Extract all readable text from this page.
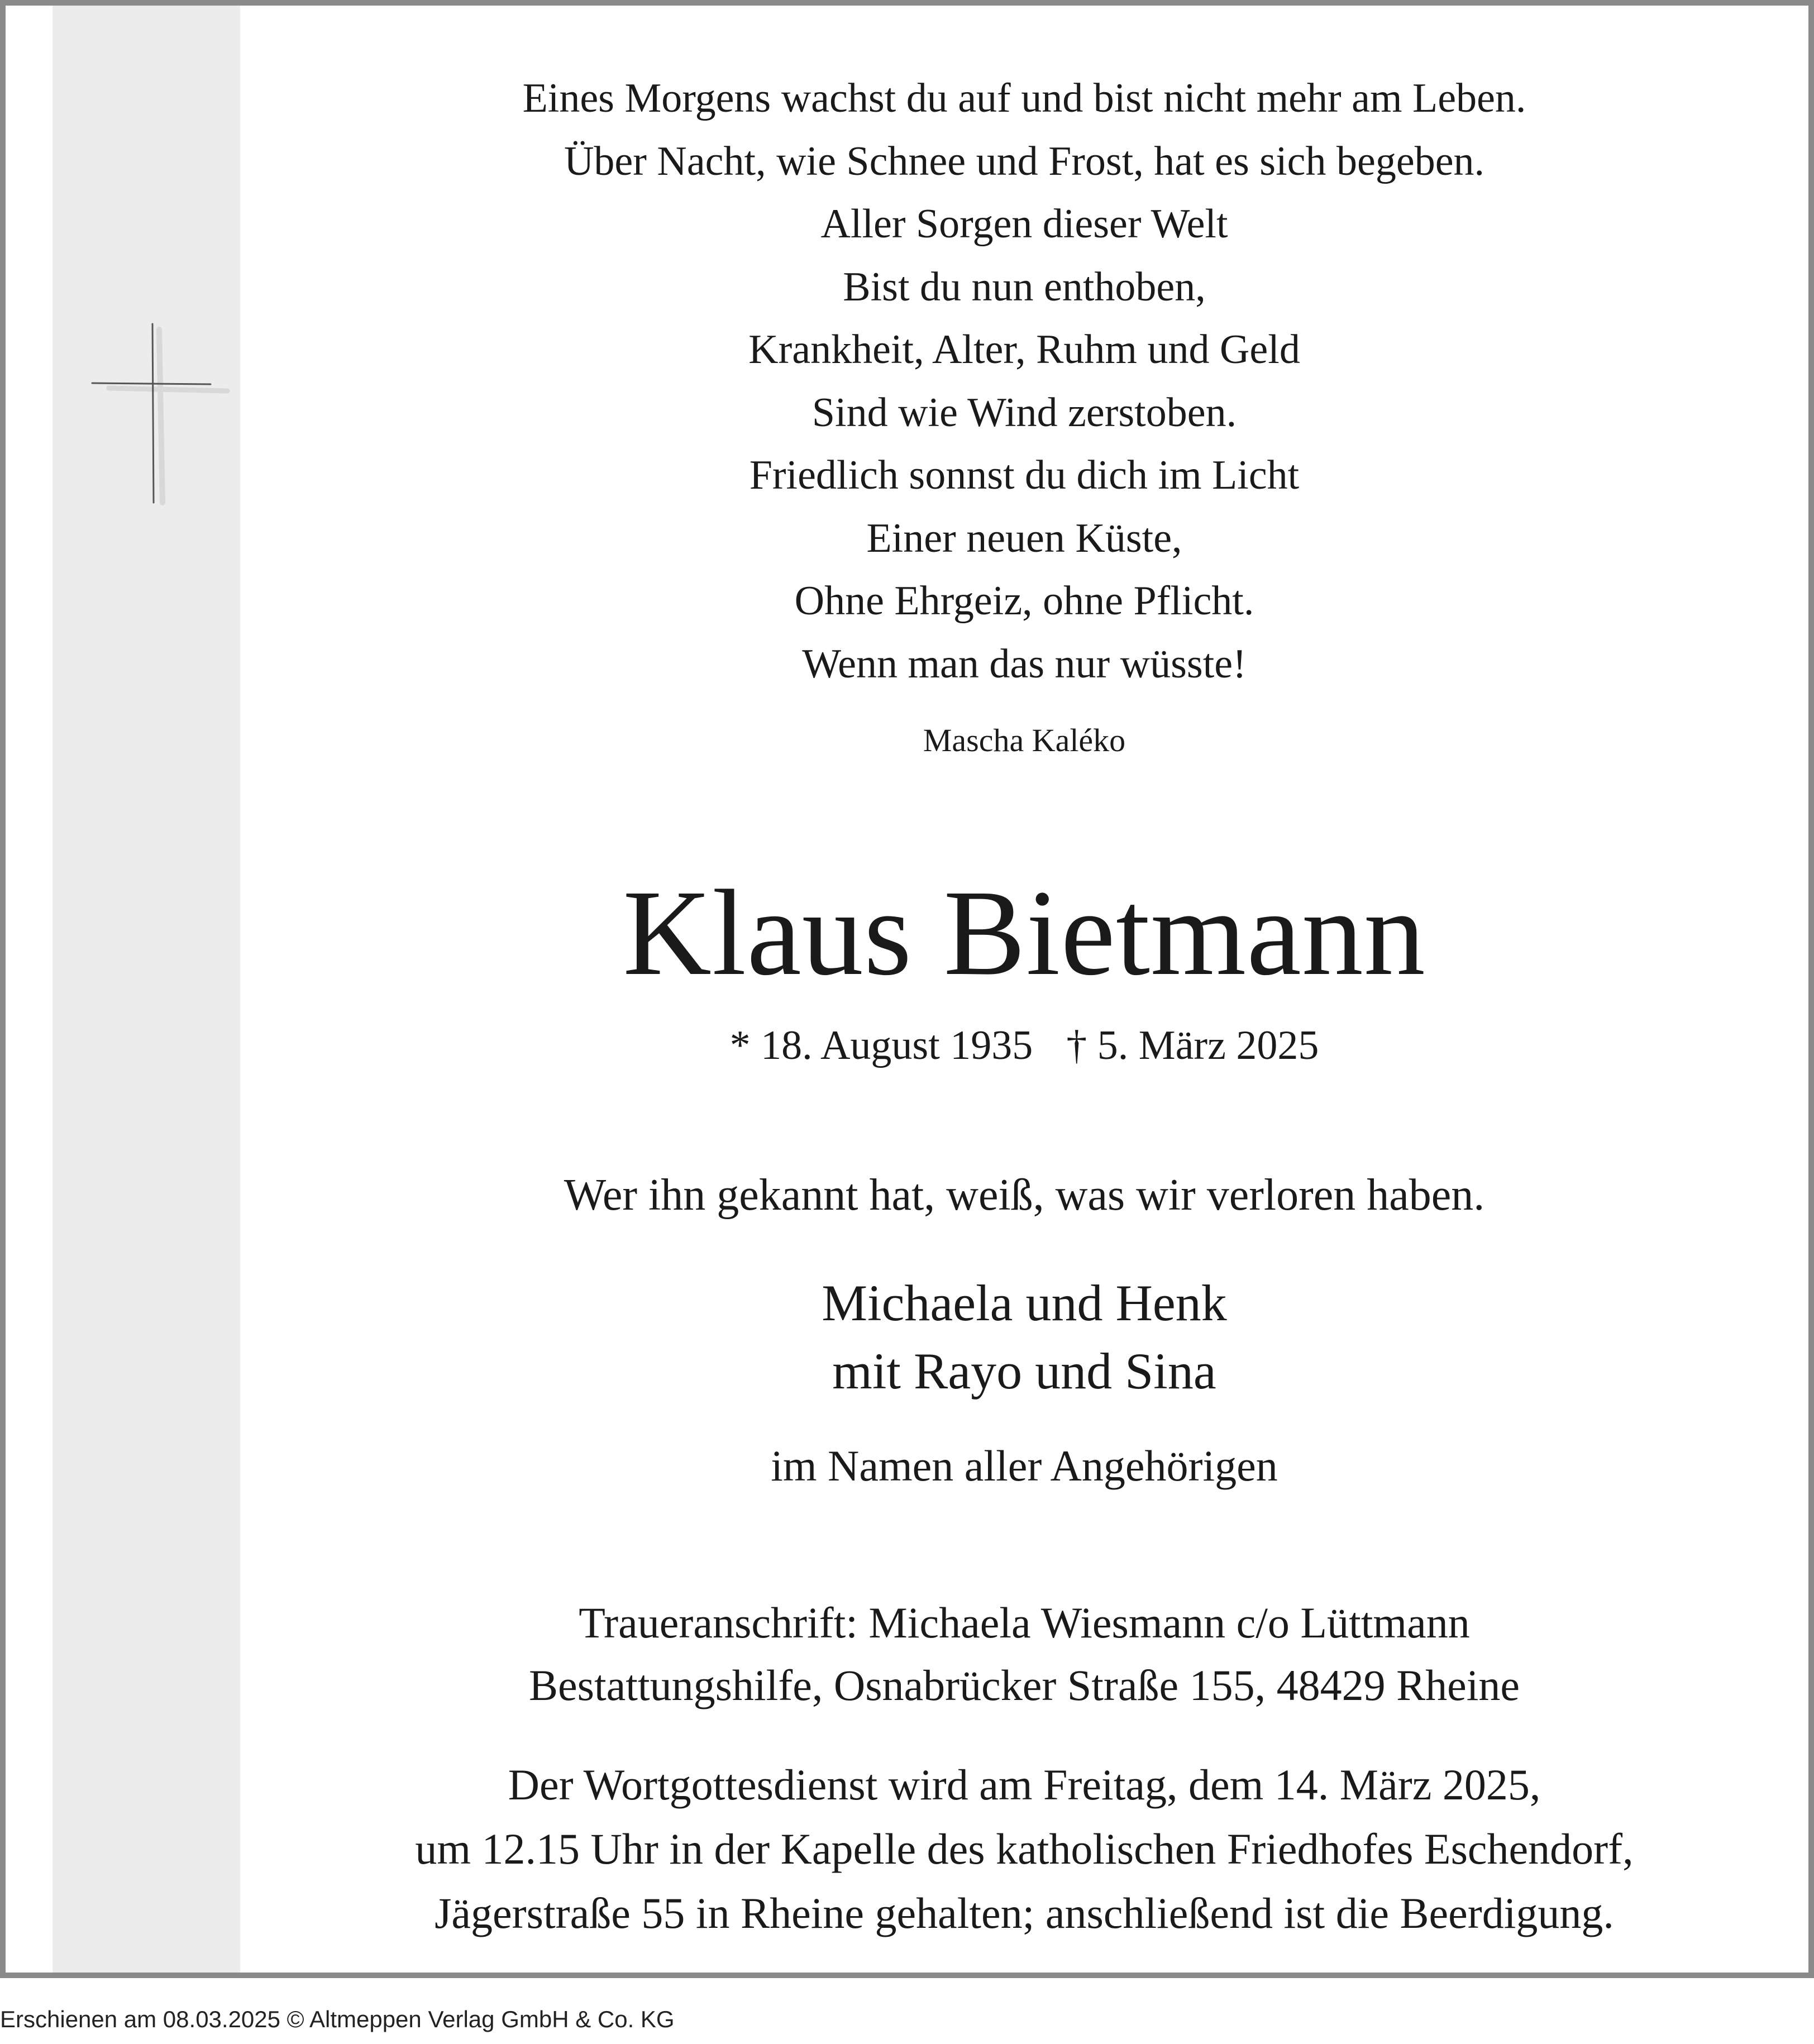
Eines Morgens wachst du auf und bist nicht mehr am Leben.
Über Nacht, wie Schnee und Frost, hat es sich begeben.
Aller Sorgen dieser Welt
Bist du nun enthoben,
Krankheit, Alter, Ruhm und Geld
Sind wie Wind zerstoben.
Friedlich sonnst du dich im Licht
Einer neuen Küste,
Ohne Ehrgeiz, ohne Pflicht.
Wenn man das nur wüsste!
Mascha Kaléko
Klaus Bietmann
* 18. August 1935 † 5. März 2025
Wer ihn gekannt hat, weiß, was wir verloren haben.
Michaela und Henk
mit Rayo und Sina
im Namen aller Angehörigen
Traueranschrift: Michaela Wiesmann c/o Lüttmann
Bestattungshilfe, Osnabrücker Straße 155, 48429 Rheine
Der Wortgottesdienst wird am Freitag, dem 14. März 2025,
um 12.15 Uhr in der Kapelle des katholischen Friedhofes Eschendorf,
Jägerstraße 55 in Rheine gehalten; anschließend ist die Beerdigung.
Erschienen am 08.03.2025 © Altmeppen Verlag GmbH & Co. KG
